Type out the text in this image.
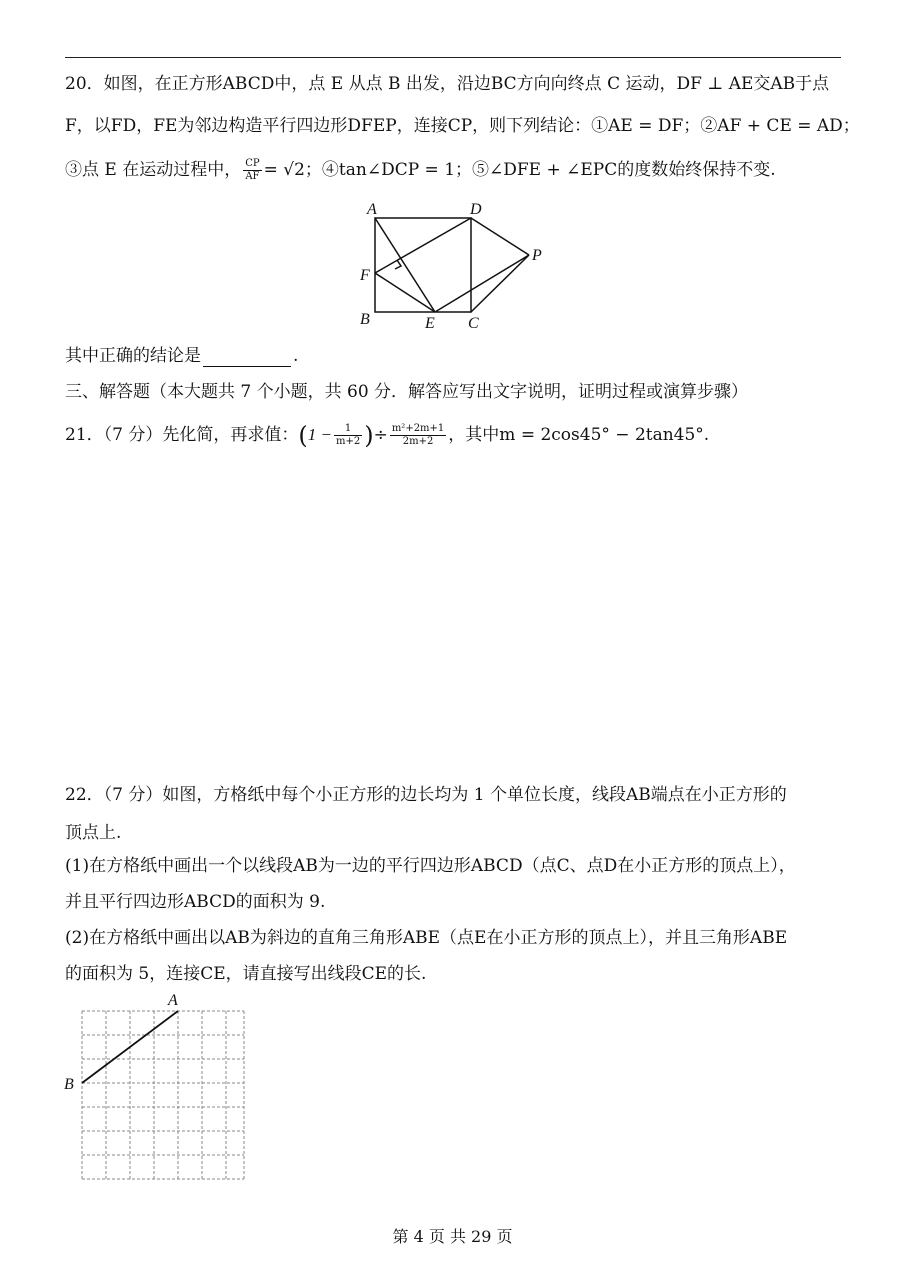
20．如图，在正方形ABCD中，点 E 从点 B 出发，沿边BC方向向终点 C 运动，DF ⊥ AE交AB于点
F，以FD，FE为邻边构造平行四边形DFEP，连接CP，则下列结论：①AE = DF；②AF + CE = AD；
③点 E 在运动过程中， $\frac{CP}{AF} = √2$；④tan∠DCP = 1；⑤∠DFE + ∠EPC的度数始终保持不变.
A	D
P
F
B	E C
其中正确的结论是	.
三、解答题（本大题共 7 个小题，共 60 分．解答应写出文字说明，证明过程或演算步骤）
21．（7 分）先化简，再求值：($1 - \frac{1}{m+2}$ )÷ $\frac{\text{m²+2m+1}}{2m+2}$ ，其中m = 2cos45° − 2tan45°.
22．（7 分）如图，方格纸中每个小正方形的边长均为 1 个单位长度，线段AB端点在小正方形的
顶点上.
(1)在方格纸中画出一个以线段AB为一边的平行四边形ABCD（点C、点D在小正方形的顶点上），
并且平行四边形ABCD的面积为 9.
(2)在方格纸中画出以AB为斜边的直角三角形ABE（点E在小正方形的顶点上），并且三角形ABE
的面积为 5，连接CE，请直接写出线段CE的长.
A
B
第 4 页 共 29 页
